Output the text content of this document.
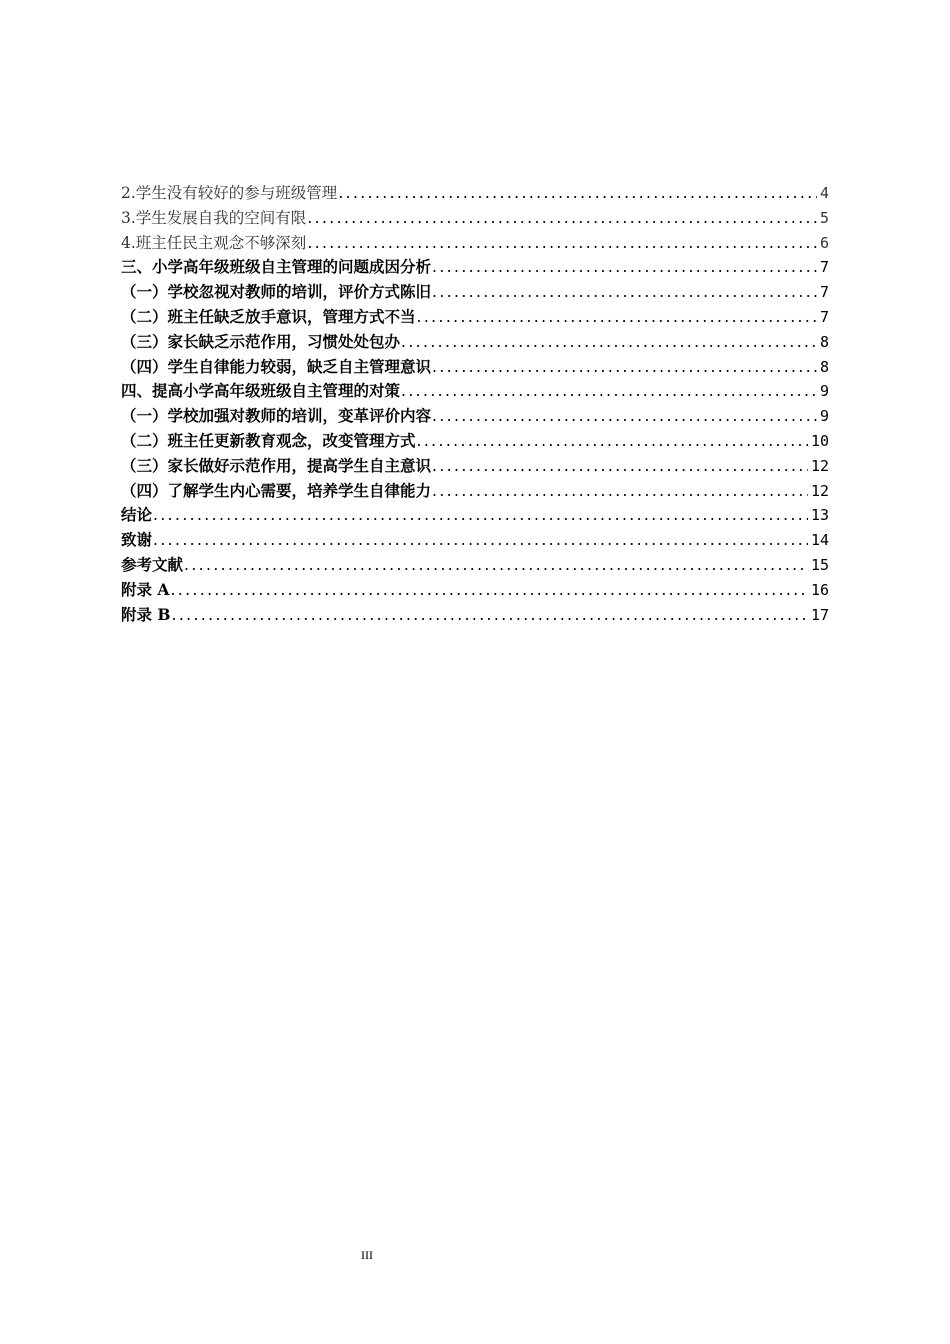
2. 学生没有较好的参与班级管理 .....	4
3. 学生发展自我的空间有限 .....	5
4. 班主任民主观念不够深刻 .....	6
三、小学高年级班级自主管理的问题成因分析 .....	7
（一） 学校忽视对教师的培训，评价方式陈旧 .....	7
（二） 班主任缺乏放手意识，管理方式不当 .....	7
（三） 家长缺乏示范作用，习惯处处包办 .....	8
（四） 学生自律能力较弱，缺乏自主管理意识 .....	8
四、提高小学高年级班级自主管理的对策 .....	9
（一） 学校加强对教师的培训，变革评价内容 .....	9
（二） 班主任更新教育观念，改变管理方式 .....	10
（三） 家长做好示范作用，提高学生自主意识 .....	12
（四） 了解学生内心需要，培养学生自律能力 .....	12
结论 .....	13
致谢 .....	14
参考文献 .....	15
附录 A .....	16
附录 B .....	17
III
